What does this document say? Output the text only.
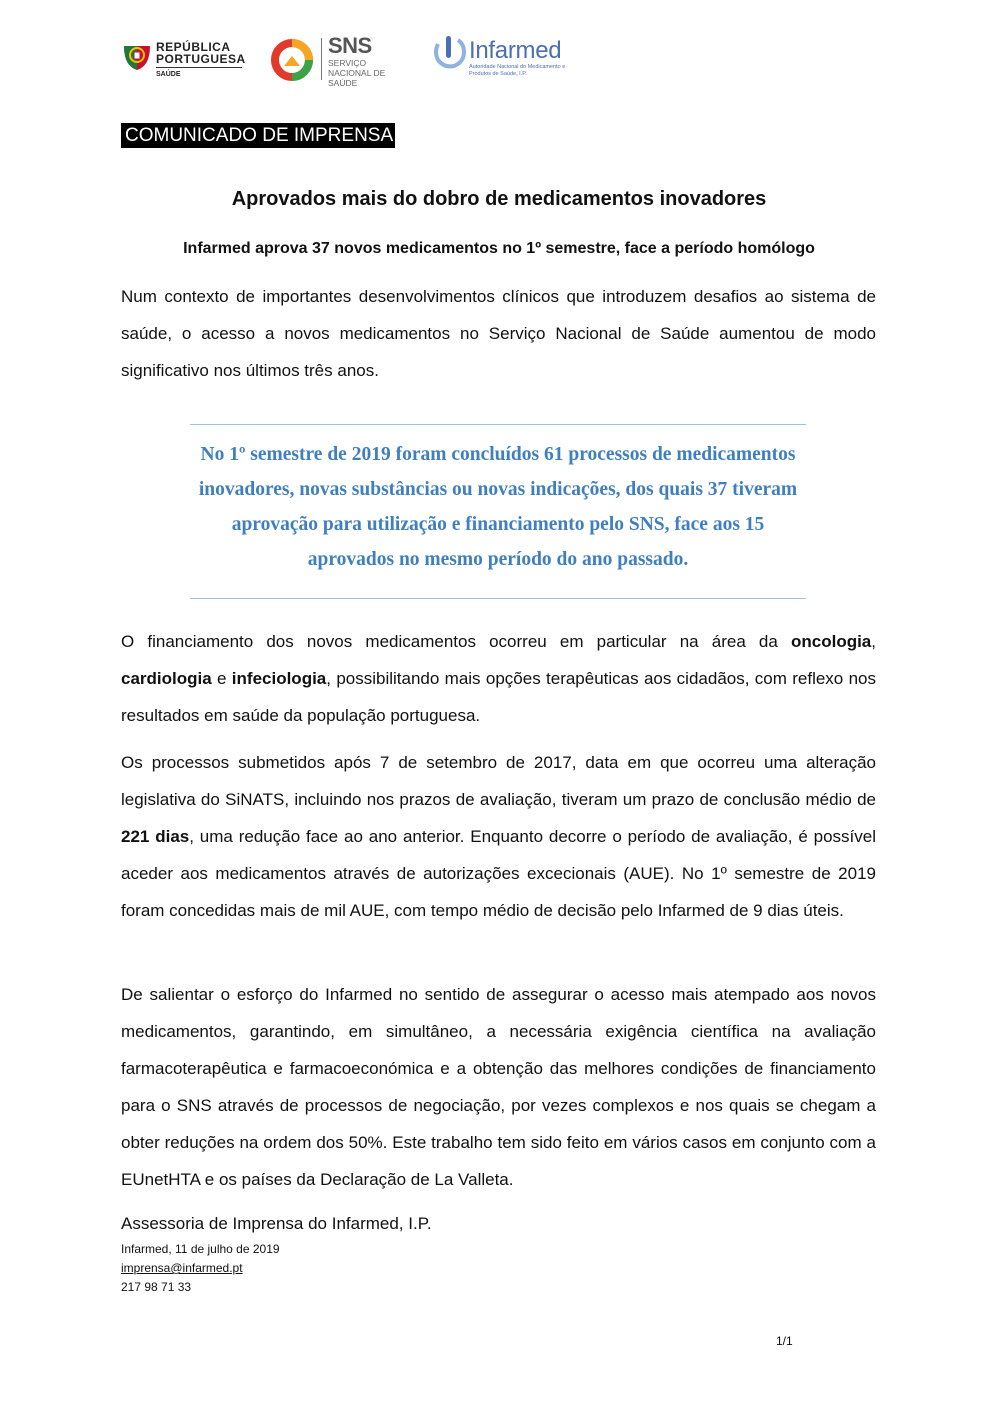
REPÚBLICA
PORTUGUESA
SAÚDE
SNS
SERVIÇO NACIONAL DE SAÚDE
Infarmed
Autoridade Nacional do Medicamento e Produtos de Saúde, I.P.
COMUNICADO DE IMPRENSA
Aprovados mais do dobro de medicamentos inovadores
Infarmed aprova 37 novos medicamentos no 1º semestre, face a período homólogo
Num contexto de importantes desenvolvimentos clínicos que introduzem desafios ao sistema de saúde, o acesso a novos medicamentos no Serviço Nacional de Saúde aumentou de modo significativo nos últimos três anos.
No 1º semestre de 2019 foram concluídos 61 processos de medicamentos inovadores, novas substâncias ou novas indicações, dos quais 37 tiveram aprovação para utilização e financiamento pelo SNS, face aos 15 aprovados no mesmo período do ano passado.
O financiamento dos novos medicamentos ocorreu em particular na área da oncologia, cardiologia e infeciologia, possibilitando mais opções terapêuticas aos cidadãos, com reflexo nos resultados em saúde da população portuguesa.
Os processos submetidos após 7 de setembro de 2017, data em que ocorreu uma alteração legislativa do SiNATS, incluindo nos prazos de avaliação, tiveram um prazo de conclusão médio de 221 dias, uma redução face ao ano anterior. Enquanto decorre o período de avaliação, é possível aceder aos medicamentos através de autorizações excecionais (AUE). No 1º semestre de 2019 foram concedidas mais de mil AUE, com tempo médio de decisão pelo Infarmed de 9 dias úteis.
De salientar o esforço do Infarmed no sentido de assegurar o acesso mais atempado aos novos medicamentos, garantindo, em simultâneo, a necessária exigência científica na avaliação farmacoterapêutica e farmacoeconómica e a obtenção das melhores condições de financiamento para o SNS através de processos de negociação, por vezes complexos e nos quais se chegam a obter reduções na ordem dos 50%. Este trabalho tem sido feito em vários casos em conjunto com a EUnetHTA e os países da Declaração de La Valleta.
Assessoria de Imprensa do Infarmed, I.P.
Infarmed, 11 de julho de 2019
imprensa@infarmed.pt
217 98 71 33
1/1
